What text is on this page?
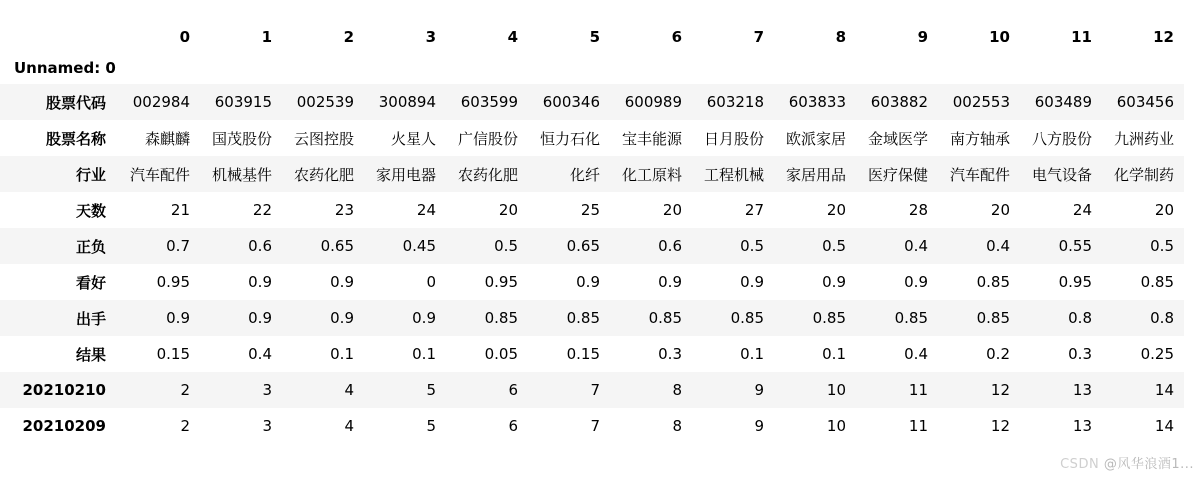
	0	1	2	3	4	5	6	7	8	9	10	11	12
Unnamed: 0													
股票代码	002984	603915	002539	300894	603599	600346	600989	603218	603833	603882	002553	603489	603456
股票名称	森麒麟	国茂股份	云图控股	火星人	广信股份	恒力石化	宝丰能源	日月股份	欧派家居	金域医学	南方轴承	八方股份	九洲药业
行业	汽车配件	机械基件	农药化肥	家用电器	农药化肥	化纤	化工原料	工程机械	家居用品	医疗保健	汽车配件	电气设备	化学制药
天数	21	22	23	24	20	25	20	27	20	28	20	24	20
正负	0.7	0.6	0.65	0.45	0.5	0.65	0.6	0.5	0.5	0.4	0.4	0.55	0.5
看好	0.95	0.9	0.9	0	0.95	0.9	0.9	0.9	0.9	0.9	0.85	0.95	0.85
出手	0.9	0.9	0.9	0.9	0.85	0.85	0.85	0.85	0.85	0.85	0.85	0.8	0.8
结果	0.15	0.4	0.1	0.1	0.05	0.15	0.3	0.1	0.1	0.4	0.2	0.3	0.25
20210210	2	3	4	5	6	7	8	9	10	11	12	13	14
20210209	2	3	4	5	6	7	8	9	10	11	12	13	14
CSDN @风华浪酒1...
